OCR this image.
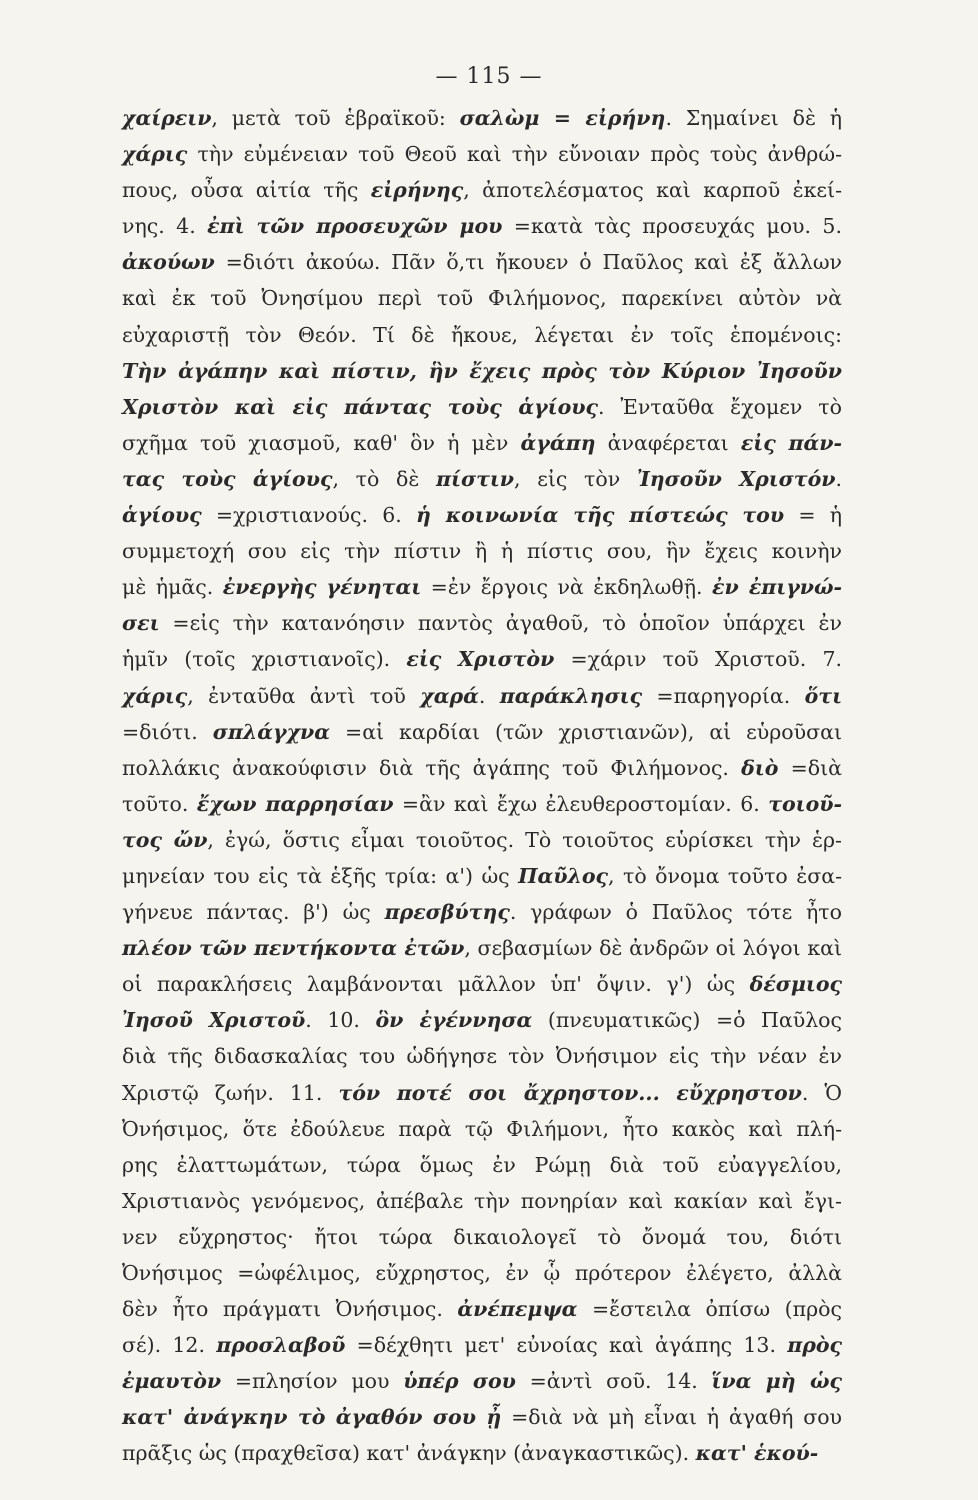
— 115 —
χαίρειν, μετὰ τοῦ ἑβραϊκοῦ: σαλὼμ = εἰρήνη. Σημαίνει δὲ ἡ
χάρις τὴν εὐμένειαν τοῦ Θεοῦ καὶ τὴν εὔνοιαν πρὸς τοὺς ἀνθρώ-
πους, οὖσα αἰτία τῆς εἰρήνης, ἀποτελέσματος καὶ καρποῦ ἐκεί-
νης. 4. ἐπὶ τῶν προσευχῶν μου =κατὰ τὰς προσευχάς μου. 5.
ἀκούων =διότι ἀκούω. Πᾶν ὅ,τι ἤκουεν ὁ Παῦλος καὶ ἐξ ἄλλων
καὶ ἐκ τοῦ Ὀνησίμου περὶ τοῦ Φιλήμονος, παρεκίνει αὐτὸν νὰ
εὐχαριστῇ τὸν Θεόν. Τί δὲ ἤκουε, λέγεται ἐν τοῖς ἑπομένοις:
Τὴν ἀγάπην καὶ πίστιν, ἣν ἔχεις πρὸς τὸν Κύριον Ἰησοῦν
Χριστὸν καὶ εἰς πάντας τοὺς ἁγίους. Ἐνταῦθα ἔχομεν τὸ
σχῆμα τοῦ χιασμοῦ, καθ' ὃν ἡ μὲν ἀγάπη ἀναφέρεται εἰς πάν-
τας τοὺς ἁγίους, τὸ δὲ πίστιν, εἰς τὸν Ἰησοῦν Χριστόν.
ἁγίους =χριστιανούς. 6. ἡ κοινωνία τῆς πίστεώς του = ἡ
συμμετοχή σου εἰς τὴν πίστιν ἢ ἡ πίστις σου, ἣν ἔχεις κοινὴν
μὲ ἡμᾶς. ἐνεργὴς γένηται =ἐν ἔργοις νὰ ἐκδηλωθῇ. ἐν ἐπιγνώ-
σει =εἰς τὴν κατανόησιν παντὸς ἀγαθοῦ, τὸ ὁποῖον ὑπάρχει ἐν
ἡμῖν (τοῖς χριστιανοῖς). εἰς Χριστὸν =χάριν τοῦ Χριστοῦ. 7.
χάρις, ἐνταῦθα ἀντὶ τοῦ χαρά. παράκλησις =παρηγορία. ὅτι
=διότι. σπλάγχνα =αἱ καρδίαι (τῶν χριστιανῶν), αἱ εὑροῦσαι
πολλάκις ἀνακούφισιν διὰ τῆς ἀγάπης τοῦ Φιλήμονος. διὸ =διὰ
τοῦτο. ἔχων παρρησίαν =ἂν καὶ ἔχω ἐλευθεροστομίαν. 6. τοιοῦ-
τος ὤν, ἐγώ, ὅστις εἶμαι τοιοῦτος. Τὸ τοιοῦτος εὑρίσκει τὴν ἑρ-
μηνείαν του εἰς τὰ ἑξῆς τρία: α') ὡς Παῦλος, τὸ ὄνομα τοῦτο ἐσα-
γήνευε πάντας. β') ὡς πρεσβύτης. γράφων ὁ Παῦλος τότε ἦτο
πλέον τῶν πεντήκοντα ἐτῶν, σεβασμίων δὲ ἀνδρῶν οἱ λόγοι καὶ
οἱ παρακλήσεις λαμβάνονται μᾶλλον ὑπ' ὄψιν. γ') ὡς δέσμιος
Ἰησοῦ Χριστοῦ. 10. ὃν ἐγέννησα (πνευματικῶς) =ὁ Παῦλος
διὰ τῆς διδασκαλίας του ὡδήγησε τὸν Ὀνήσιμον εἰς τὴν νέαν ἐν
Χριστῷ ζωήν. 11. τόν ποτέ σοι ἄχρηστον... εὔχρηστον. Ὁ
Ὀνήσιμος, ὅτε ἐδούλευε παρὰ τῷ Φιλήμονι, ἦτο κακὸς καὶ πλή-
ρης ἐλαττωμάτων, τώρα ὅμως ἐν Ρώμῃ διὰ τοῦ εὐαγγελίου,
Χριστιανὸς γενόμενος, ἀπέβαλε τὴν πονηρίαν καὶ κακίαν καὶ ἔγι-
νεν εὔχρηστος· ἤτοι τώρα δικαιολογεῖ τὸ ὄνομά του, διότι
Ὀνήσιμος =ὠφέλιμος, εὔχρηστος, ἐν ᾧ πρότερον ἐλέγετο, ἀλλὰ
δὲν ἦτο πράγματι Ὀνήσιμος. ἀνέπεμψα =ἔστειλα ὀπίσω (πρὸς
σέ). 12. προσλαβοῦ =δέχθητι μετ' εὐνοίας καὶ ἀγάπης 13. πρὸς
ἐμαυτὸν =πλησίον μου ὑπέρ σου =ἀντὶ σοῦ. 14. ἵνα μὴ ὡς
κατ' ἀνάγκην τὸ ἀγαθόν σου ᾖ =διὰ νὰ μὴ εἶναι ἡ ἀγαθή σου
πρᾶξις ὡς (πραχθεῖσα) κατ' ἀνάγκην (ἀναγκαστικῶς). κατ' ἑκού-
